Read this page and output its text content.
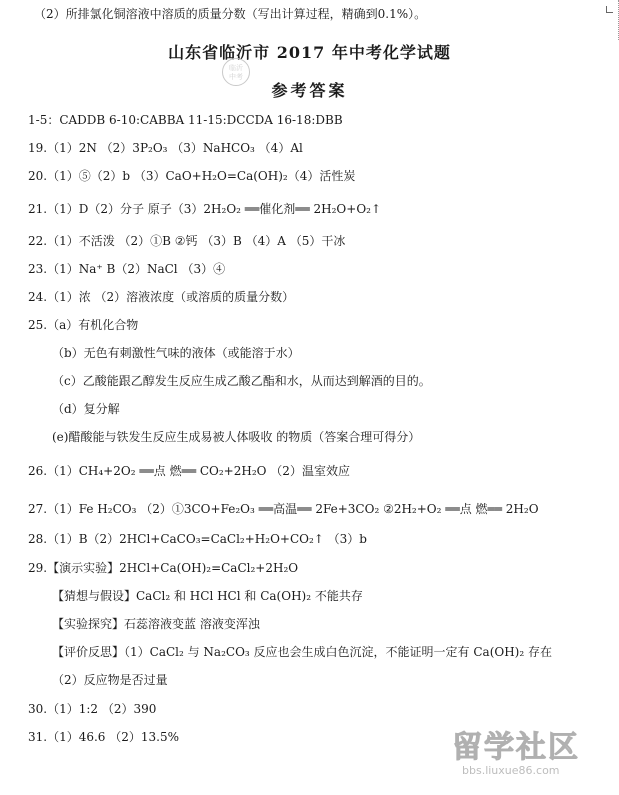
（2）所排氯化铜溶液中溶质的质量分数（写出计算过程，精确到0.1%）。
山东省临沂市 2017 年中考化学试题
临沂
中考
参考答案
1-5：CADDB 6-10:CABBA 11-15:DCCDA 16-18:DBB
19.（1）2N （2）3P₂O₃ （3）NaHCO₃ （4）Al
20.（1）⑤（2）b （3）CaO+H₂O=Ca(OH)₂（4）活性炭
21.（1）D（2）分子 原子（3）2H₂O₂ ══催化剂══ 2H₂O+O₂↑
22.（1）不活泼 （2）①B ②钙 （3）B （4）A （5）干冰
23.（1）Na⁺ B（2）NaCl （3）④
24.（1）浓 （2）溶液浓度（或溶质的质量分数）
25.（a）有机化合物
（b）无色有刺激性气味的液体（或能溶于水）
（c）乙酸能跟乙醇发生反应生成乙酸乙酯和水，从而达到解酒的目的。
（d）复分解
(e)醋酸能与铁发生反应生成易被人体吸收 的物质（答案合理可得分）
26.（1）CH₄+2O₂ ══点 燃══ CO₂+2H₂O （2）温室效应
27.（1）Fe H₂CO₃ （2）①3CO+Fe₂O₃ ══高温══ 2Fe+3CO₂ ②2H₂+O₂ ══点 燃══ 2H₂O
28.（1）B（2）2HCl+CaCO₃=CaCl₂+H₂O+CO₂↑ （3）b
29.【演示实验】2HCl+Ca(OH)₂=CaCl₂+2H₂O
【猜想与假设】CaCl₂ 和 HCl HCl 和 Ca(OH)₂ 不能共存
【实验探究】石蕊溶液变蓝 溶液变浑浊
【评价反思】（1）CaCl₂ 与 Na₂CO₃ 反应也会生成白色沉淀，不能证明一定有 Ca(OH)₂ 存在
（2）反应物是否过量
30.（1）1:2 （2）390
31.（1）46.6 （2）13.5%	留学社区
bbs.liuxue86.com
